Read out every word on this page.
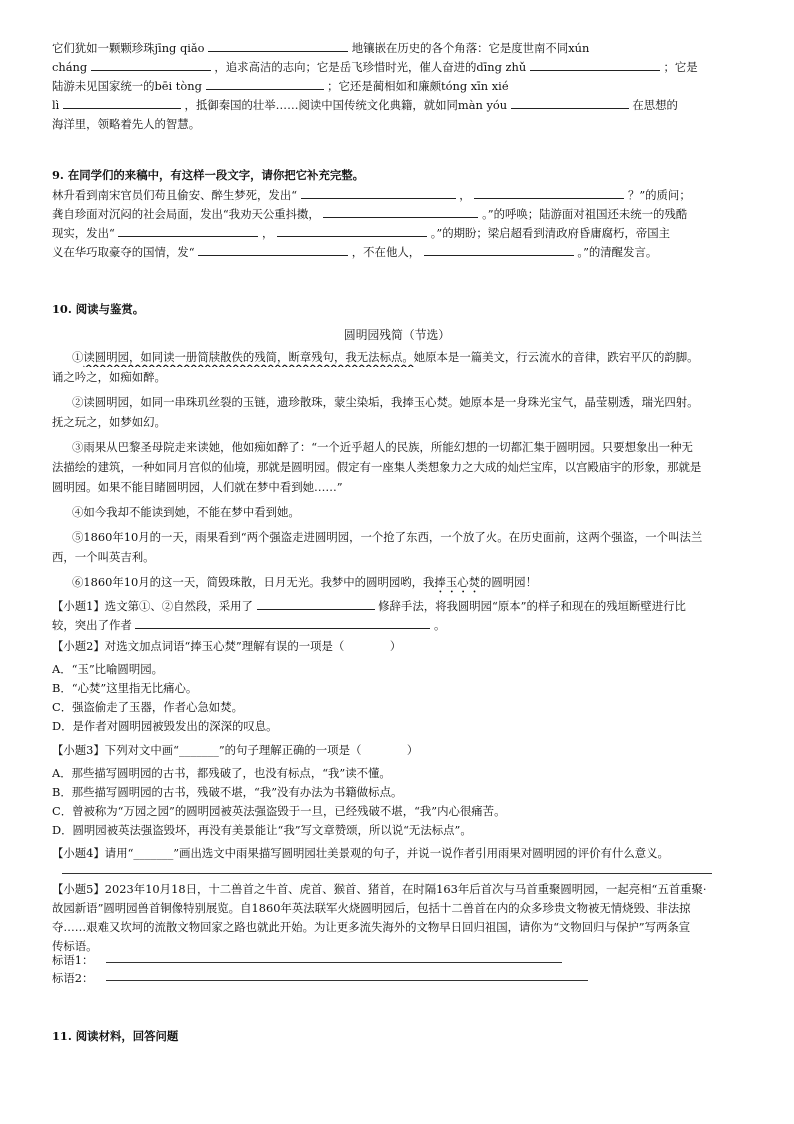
它们犹如一颗颗珍珠jīng qiǎo	地镶嵌在历史的各个角落：它是度世南不同xún
cháng	，追求高洁的志向；它是岳飞珍惜时光，催人奋进的dīng zhǔ	；它是
陆游未见国家统一的bēi tòng	；它还是蔺相如和廉颇tóng xīn xié
lì	，抵御秦国的壮举……阅读中国传统文化典籍，就如同màn yóu	在思想的
海洋里，领略着先人的智慧。
9. 在同学们的来稿中，有这样一段文字，请你把它补充完整。
林升看到南宋官员们苟且偷安、醉生梦死，发出“	，	？”的质问；
龚自珍面对沉闷的社会局面，发出“我劝天公重抖擞，	。”的呼唤；陆游面对祖国还未统一的残酷
现实，发出“	，	。”的期盼；梁启超看到清政府昏庸腐朽，帝国主
义在华巧取豪夺的国情，发“	，不在他人，	。”的清醒发言。
10. 阅读与鉴赏。
圆明园残简（节选）
①读圆明园，如同读一册简牍散佚的残简，断章残句，我无法标点。她原本是一篇美文，行云流水的音律，跌宕平仄的韵脚。
诵之吟之，如痴如醉。
②读圆明园，如同一串珠玑丝裂的玉链，遗珍散珠，蒙尘染垢，我捧玉心焚。她原本是一身珠光宝气，晶莹剔透，瑞光四射。
抚之玩之，如梦如幻。
③雨果从巴黎圣母院走来读她，他如痴如醉了：“一个近乎超人的民族，所能幻想的一切都汇集于圆明园。只要想象出一种无
法描绘的建筑，一种如同月宫似的仙境，那就是圆明园。假定有一座集人类想象力之大成的灿烂宝库，以宫殿庙宇的形象，那就是
圆明园。如果不能目睹圆明园，人们就在梦中看到她……”
④如今我却不能读到她，不能在梦中看到她。
⑤1860年10月的一天，雨果看到“两个强盗走进圆明园，一个抢了东西，一个放了火。在历史面前，这两个强盗，一个叫法兰
西，一个叫英吉利。
⑥1860年10月的这一天，简毁珠散，日月无光。我梦中的圆明园哟，我捧玉心焚的圆明园！
【小题1】选文第①、②自然段，采用了	修辞手法，将我圆明园“原本”的样子和现在的残垣断壁进行比
较，突出了作者	。
【小题2】对选文加点词语“捧玉心焚”理解有误的一项是（　　　　）
A．“玉”比喻圆明园。
B．“心焚”这里指无比痛心。
C．强盗偷走了玉器，作者心急如焚。
D．是作者对圆明园被毁发出的深深的叹息。
【小题3】下列对文中画“_______”的句子理解正确的一项是（　　　　）
A．那些描写圆明园的古书，都残破了，也没有标点，“我”读不懂。
B．那些描写圆明园的古书，残破不堪，“我”没有办法为书籍做标点。
C．曾被称为“万园之园”的圆明园被英法强盗毁于一旦，已经残破不堪，“我”内心很痛苦。
D．圆明园被英法强盗毁坏，再没有美景能让“我”写文章赞颂，所以说“无法标点”。
【小题4】请用“_______”画出选文中雨果描写圆明园壮美景观的句子，并说一说作者引用雨果对圆明园的评价有什么意义。
【小题5】2023年10月18日，十二兽首之牛首、虎首、猴首、猪首，在时隔163年后首次与马首重聚圆明园，一起亮相“五首重聚·
故园新语”圆明园兽首铜像特别展览。自1860年英法联军火烧圆明园后，包括十二兽首在内的众多珍贵文物被无情烧毁、非法掠
夺……艰难又坎坷的流散文物回家之路也就此开始。为让更多流失海外的文物早日回归祖国，请你为“文物回归与保护”写两条宣
传标语。
标语1：
标语2：
11. 阅读材料，回答问题
